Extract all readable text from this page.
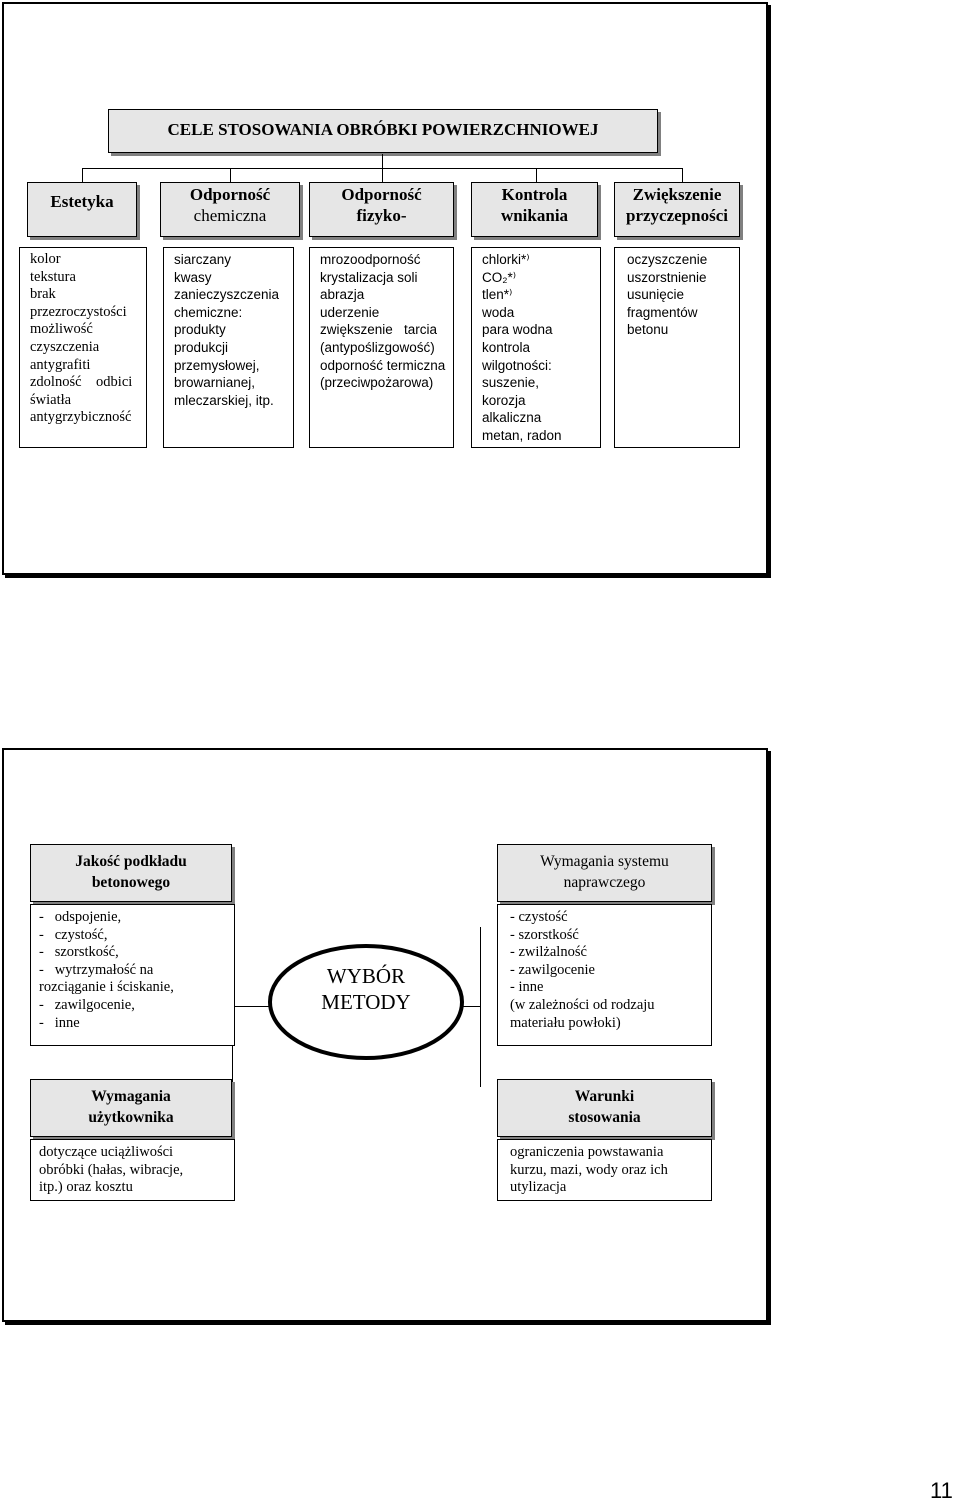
CELE STOSOWANIA OBRÓBKI POWIERZCHNIOWEJ
Estetyka	Odporność
chemiczna
Odporność
fizyko-
Kontrola
wnikania
Zwiększenie
przyczepności
kolor
tekstura
brak
przezroczystości
możliwość
czyszczenia
antygrafiti
zdolność    odbici
światła
antygrzybiczność
siarczany
kwasy
zanieczyszczenia
chemiczne:
produkty
produkcji
przemysłowej,
browarnianej,
mleczarskiej, itp.
mrozoodporność
krystalizacja soli
abrazja
uderzenie
zwiększenie   tarcia
(antypoślizgowość)
odporność termiczna
(przeciwpożarowa)
chlorki*⁾
CO₂*⁾
tlen*⁾
woda
para wodna
kontrola
wilgotności:
suszenie,
korozja
alkaliczna
metan, radon
oczyszczenie
uszorstnienie
usunięcie
fragmentów
betonu
Jakość podkładu
betonowego
-   odspojenie,
-   czystość,
-   szorstkość,
-   wytrzymałość na
rozciąganie i ściskanie,
-   zawilgocenie,
-   inne
Wymagania systemu
naprawczego
- czystość
- szorstkość
- zwilżalność
- zawilgocenie
- inne
(w zależności od rodzaju
materiału powłoki)
WYBÓR
METODY
Wymagania
użytkownika
dotyczące uciążliwości
obróbki (hałas, wibracje,
itp.) oraz kosztu
Warunki
stosowania
ograniczenia powstawania
kurzu, mazi, wody oraz ich
utylizacja
11
